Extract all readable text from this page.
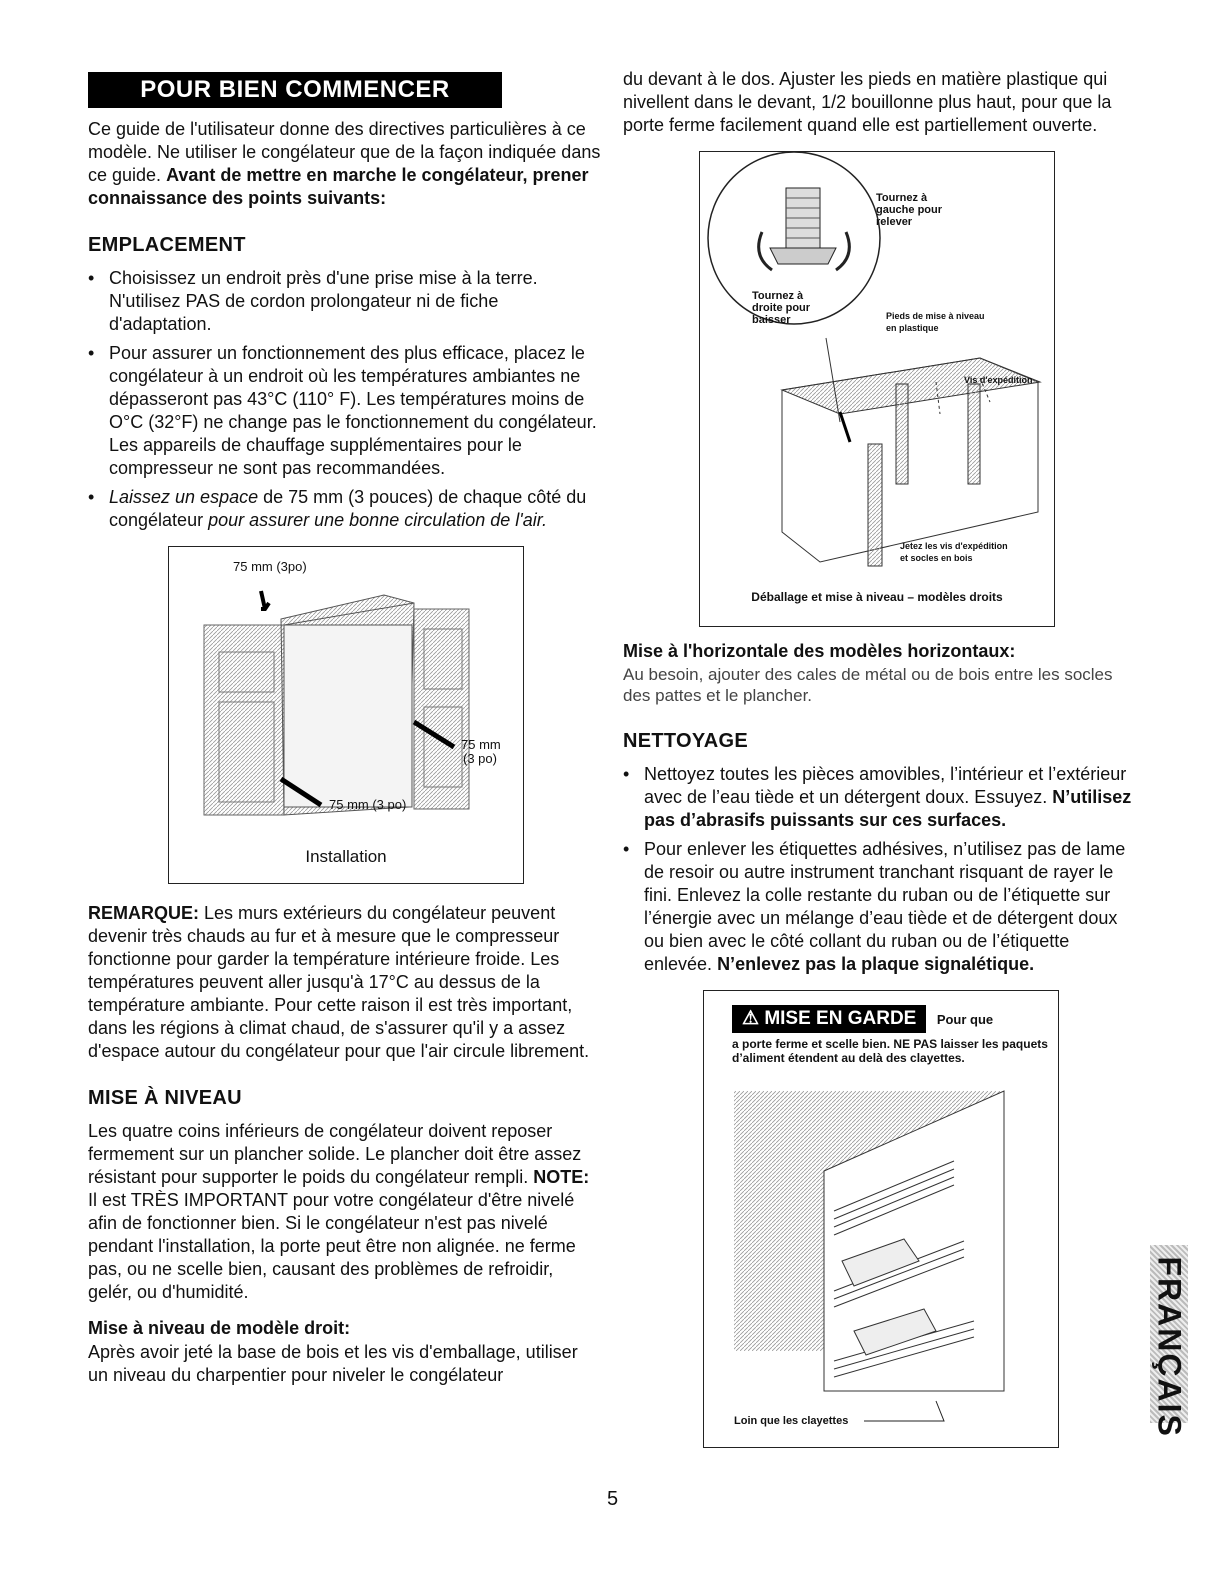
POUR BIEN COMMENCER

Ce guide de l'utilisateur donne des directives particulières à ce modèle. Ne utiliser le congélateur que de la façon indiquée dans ce guide. Avant de mettre en marche le congélateur, prener connaissance des points suivants:

EMPLACEMENT
• Choisissez un endroit près d'une prise mise à la terre. N'utilisez PAS de cordon prolongateur ni de fiche d'adaptation.
• Pour assurer un fonctionnement des plus efficace, placez le congélateur à un endroit où les températures ambiantes ne dépasseront pas 43°C (110° F). Les températures moins de O°C (32°F) ne change pas le fonctionnement du congélateur. Les appareils de chauffage supplémentaires pour le compresseur ne sont pas recommandées.
• Laissez un espace de 75 mm (3 pouces) de chaque côté du congélateur pour assurer une bonne circulation de l'air.
75 mm (3po)
75 mm
(3 po)
75 mm (3 po)
Installation

REMARQUE: Les murs extérieurs du congélateur peuvent devenir très chauds au fur et à mesure que le compresseur fonctionne pour garder la température intérieure froide. Les températures peuvent aller jusqu'à 17°C au dessus de la température ambiante. Pour cette raison il est très important, dans les régions à climat chaud, de s'assurer qu'il y a assez d'espace autour du congélateur pour que l'air circule librement.

MISE À NIVEAU

Les quatre coins inférieurs de congélateur doivent reposer fermement sur un plancher solide. Le plancher doit être assez résistant pour supporter le poids du congélateur rempli. NOTE: Il est TRÈS IMPORTANT pour votre congélateur d'être nivelé afin de fonctionner bien. Si le congélateur n'est pas nivelé pendant l'installation, la porte peut être non alignée. ne ferme pas, ou ne scelle bien, causant des problèmes de refroidir, gelér, ou d'humidité.

Mise à niveau de modèle droit:

Après avoir jeté la base de bois et les vis d'emballage, utiliser un niveau du charpentier pour niveler le congélateur

du devant à le dos. Ajuster les pieds en matière plastique qui nivellent dans le devant, 1/2 bouillonne plus haut, pour que la porte ferme facilement quand elle est partiellement ouverte.

Tournez à gauche pour relever
Tournez à droite pour baisser	Pieds de mise à niveau en plastique
Vis d'expédition
Jetez les vis d'expédition et socles en bois
Déballage et mise à niveau – modèles droits
Mise à l'horizontale des modèles horizontaux:

Au besoin, ajouter des cales de métal ou de bois entre les socles des pattes et le plancher.

NETTOYAGE
• Nettoyez toutes les pièces amovibles, l’intérieur et l’extérieur avec de l’eau tiède et un détergent doux. Essuyez. N’utilisez pas d’abrasifs puissants sur ces surfaces.
• Pour enlever les étiquettes adhésives, n’utilisez pas de lame de resoir ou autre instrument tranchant risquant de rayer le fini. Enlevez la colle restante du ruban ou de l’étiquette sur l’énergie avec un mélange d’eau tiède et de détergent doux ou bien avec le côté collant du ruban ou de l’étiquette enlevée. N’enlevez pas la plaque signalétique.
⚠ MISE EN GARDE Pour que
a porte ferme et scelle bien. NE PAS laisser les paquets d’aliment étendent au delà des clayettes.
Loin que les clayettes	FRANÇAIS
5
